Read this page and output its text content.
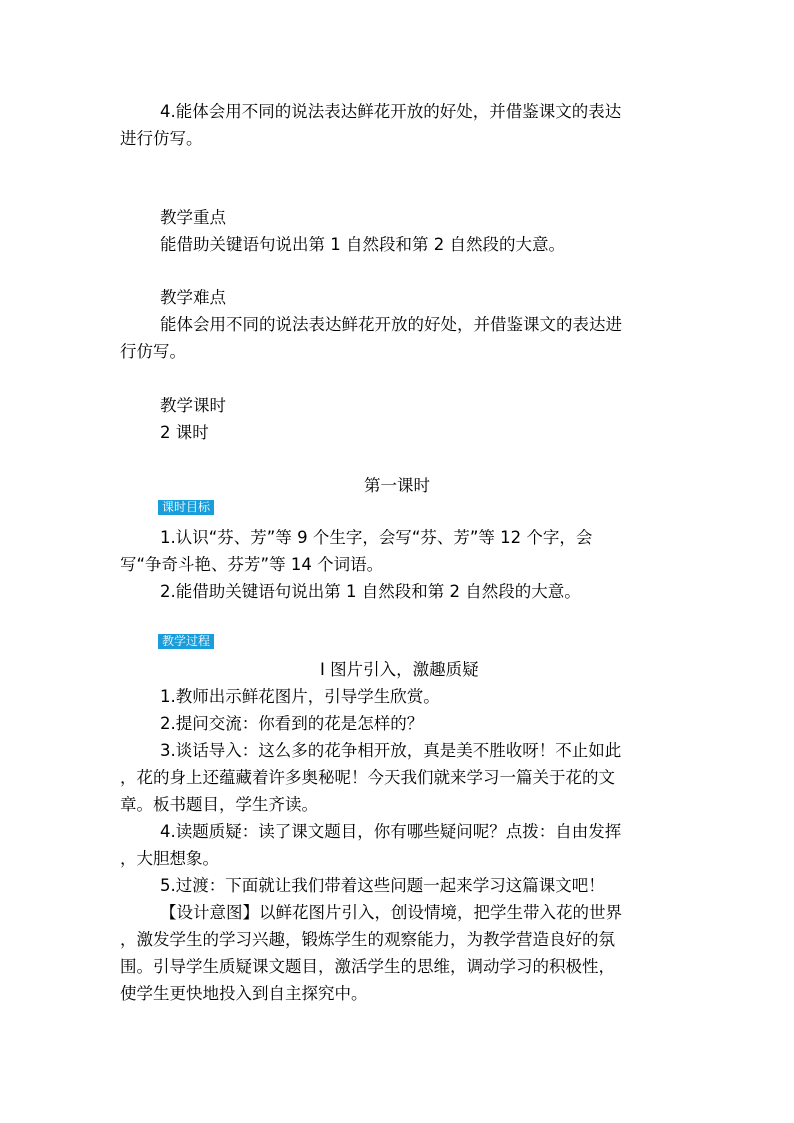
4.能体会用不同的说法表达鲜花开放的好处，并借鉴课文的表达
进行仿写。
教学重点
能借助关键语句说出第 1 自然段和第 2 自然段的大意。
教学难点
能体会用不同的说法表达鲜花开放的好处，并借鉴课文的表达进
行仿写。
教学课时
2 课时
第一课时
课时目标
1.认识“芬、芳”等 9 个生字，会写“芬、芳”等 12 个字，会
写“争奇斗艳、芬芳”等 14 个词语。
2.能借助关键语句说出第 1 自然段和第 2 自然段的大意。
教学过程
Ⅰ 图片引入，激趣质疑
1.教师出示鲜花图片，引导学生欣赏。
2.提问交流：你看到的花是怎样的？
3.谈话导入：这么多的花争相开放，真是美不胜收呀！不止如此
，花的身上还蕴藏着许多奥秘呢！今天我们就来学习一篇关于花的文
章。板书题目，学生齐读。
4.读题质疑：读了课文题目，你有哪些疑问呢？点拨：自由发挥
，大胆想象。
5.过渡：下面就让我们带着这些问题一起来学习这篇课文吧！
【设计意图】以鲜花图片引入，创设情境，把学生带入花的世界
，激发学生的学习兴趣，锻炼学生的观察能力，为教学营造良好的氛
围。引导学生质疑课文题目，激活学生的思维，调动学习的积极性，
使学生更快地投入到自主探究中。
